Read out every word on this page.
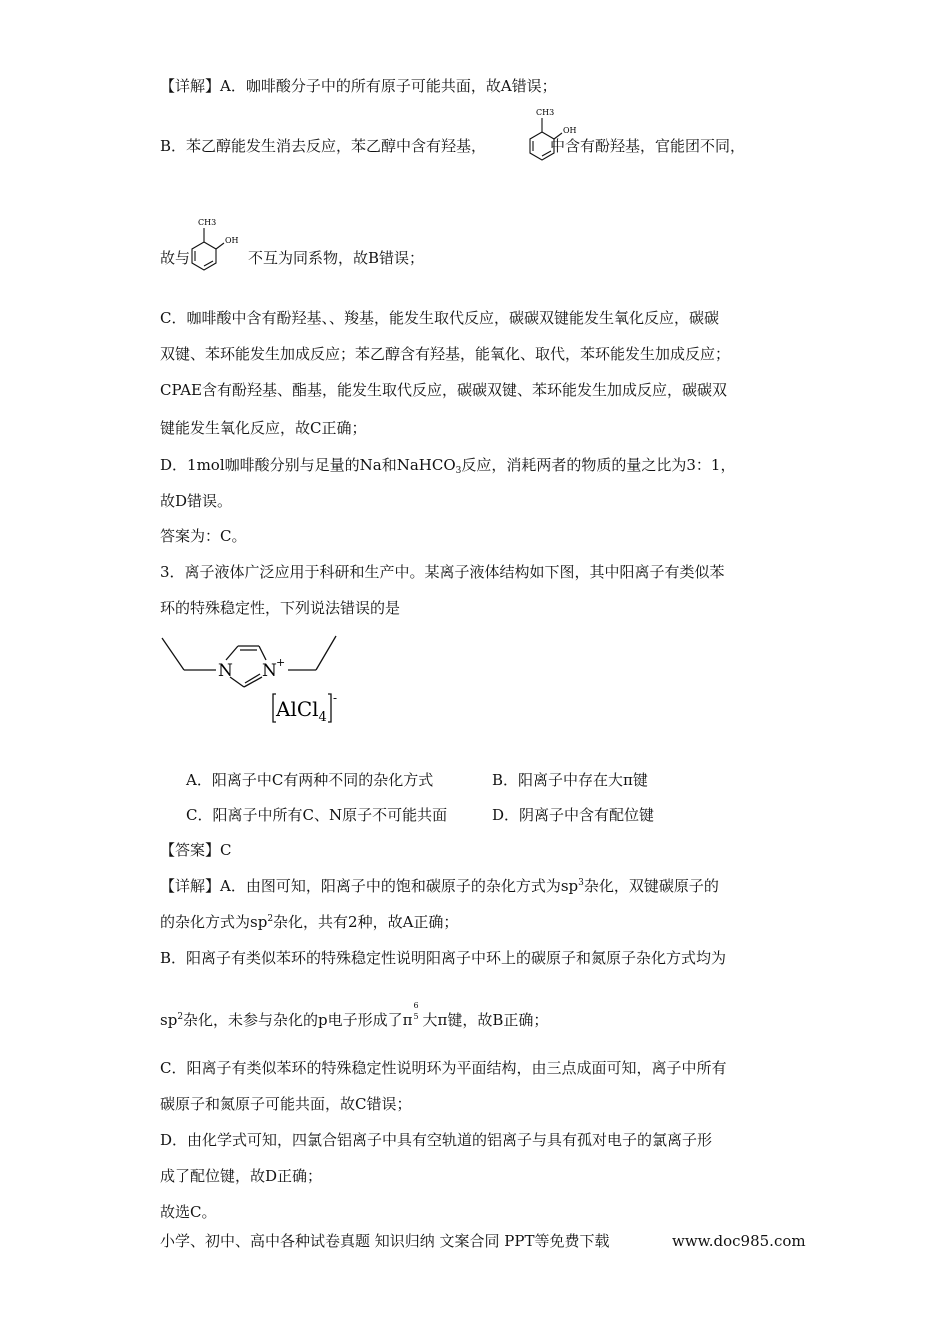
【详解】A．咖啡酸分子中的所有原子可能共面，故A错误；
B．苯乙醇能发生消去反应，苯乙醇中含有羟基，	中含有酚羟基，官能团不同，
CH3
OH
CH3
OH
故与	不互为同系物，故B错误；
C．咖啡酸中含有酚羟基、、羧基，能发生取代反应，碳碳双键能发生氧化反应，碳碳
双键、苯环能发生加成反应；苯乙醇含有羟基，能氧化、取代，苯环能发生加成反应；
CPAE含有酚羟基、酯基，能发生取代反应，碳碳双键、苯环能发生加成反应，碳碳双
键能发生氧化反应，故C正确；
D．1mol咖啡酸分别与足量的Na和NaHCO$_3$反应，消耗两者的物质的量之比为3：1，
故D错误。
答案为：C。
3．离子液体广泛应用于科研和生产中。某离子液体结构如下图，其中阳离子有类似苯
环的特殊稳定性，下列说法错误的是
N N +
AlCl$_4$
-
A．阳离子中C有两种不同的杂化方式	B．阳离子中存在大π键
C．阳离子中所有C、N原子不可能共面	D．阴离子中含有配位键
【答案】C
【详解】A．由图可知，阳离子中的饱和碳原子的杂化方式为$sp^3$杂化，双键碳原子的
的杂化方式为$sp^2$杂化，共有2种，故A正确；
B．阳离子有类似苯环的特殊稳定性说明阳离子中环上的碳原子和氮原子杂化方式均为
$sp^2$杂化，未参与杂化的p电子形成了π
6
5 大π键，故B正确；
C．阳离子有类似苯环的特殊稳定性说明环为平面结构，由三点成面可知，离子中所有
碳原子和氮原子可能共面，故C错误；
D．由化学式可知，四氯合铝离子中具有空轨道的铝离子与具有孤对电子的氯离子形
成了配位键，故D正确；
故选C。
小学、初中、高中各种试卷真题 知识归纳 文案合同 PPT等免费下载	www.doc985.com
